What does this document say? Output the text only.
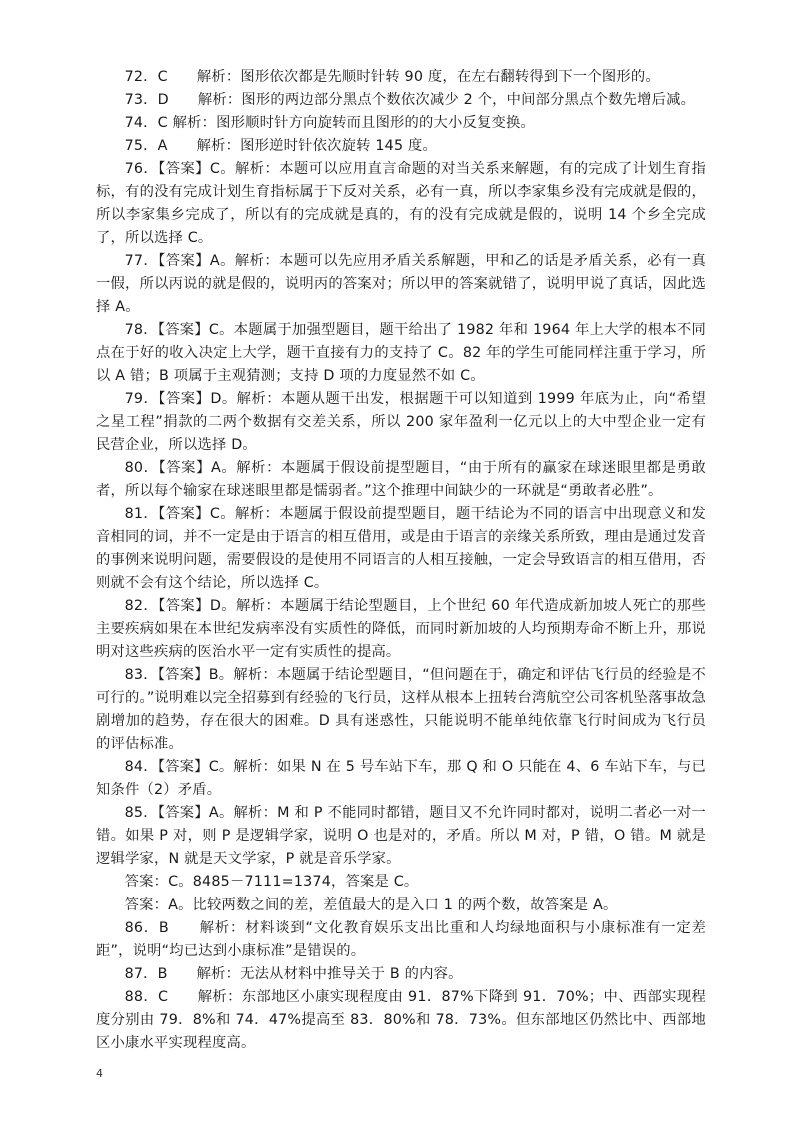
72．C　　解析：图形依次都是先顺时针转 90 度，在左右翻转得到下一个图形的。

73．D　　解析：图形的两边部分黑点个数依次减少 2 个，中间部分黑点个数先增后减。

74．C 解析：图形顺时针方向旋转而且图形的的大小反复变换。

75．A　　解析：图形逆时针依次旋转 145 度。

76．【答案】C。解析：本题可以应用直言命题的对当关系来解题，有的完成了计划生育指标，有的没有完成计划生育指标属于下反对关系，必有一真，所以李家集乡没有完成就是假的，所以李家集乡完成了，所以有的完成就是真的，有的没有完成就是假的，说明 14 个乡全完成了，所以选择 C。

77．【答案】A。解析：本题可以先应用矛盾关系解题，甲和乙的话是矛盾关系，必有一真一假，所以丙说的就是假的，说明丙的答案对；所以甲的答案就错了，说明甲说了真话，因此选择 A。

78．【答案】C。本题属于加强型题目，题干给出了 1982 年和 1964 年上大学的根本不同点在于好的收入决定上大学，题干直接有力的支持了 C。82 年的学生可能同样注重于学习，所以 A 错；B 项属于主观猜测；支持 D 项的力度显然不如 C。

79．【答案】D。解析：本题从题干出发，根据题干可以知道到 1999 年底为止，向“希望之星工程”捐款的二两个数据有交差关系，所以 200 家年盈利一亿元以上的大中型企业一定有民营企业，所以选择 D。

80．【答案】A。解析：本题属于假设前提型题目，“由于所有的赢家在球迷眼里都是勇敢者，所以每个输家在球迷眼里都是懦弱者。”这个推理中间缺少的一环就是“勇敢者必胜”。

81．【答案】C。解析：本题属于假设前提型题目，题干结论为不同的语言中出现意义和发音相同的词，并不一定是由于语言的相互借用，或是由于语言的亲缘关系所致，理由是通过发音的事例来说明问题，需要假设的是使用不同语言的人相互接触，一定会导致语言的相互借用，否则就不会有这个结论，所以选择 C。

82．【答案】D。解析：本题属于结论型题目，上个世纪 60 年代造成新加坡人死亡的那些主要疾病如果在本世纪发病率没有实质性的降低，而同时新加坡的人均预期寿命不断上升，那说明对这些疾病的医治水平一定有实质性的提高。

83．【答案】B。解析：本题属于结论型题目，“但问题在于，确定和评估飞行员的经验是不可行的。”说明难以完全招募到有经验的飞行员，这样从根本上扭转台湾航空公司客机坠落事故急剧增加的趋势，存在很大的困难。D 具有迷惑性，只能说明不能单纯依靠飞行时间成为飞行员的评估标准。

84．【答案】C。解析：如果 N 在 5 号车站下车，那 Q 和 O 只能在 4、6 车站下车，与已知条件（2）矛盾。

85．【答案】A。解析：M 和 P 不能同时都错，题目又不允许同时都对，说明二者必一对一错。如果 P 对，则 P 是逻辑学家，说明 O 也是对的，矛盾。所以 M 对，P 错，O 错。M 就是逻辑学家，N 就是天文学家，P 就是音乐学家。

答案：C。8485－7111=1374，答案是 C。

答案：A。比较两数之间的差，差值最大的是入口 1 的两个数，故答案是 A。

86．B　　解析：材料谈到“文化教育娱乐支出比重和人均绿地面积与小康标准有一定差距”，说明“均已达到小康标准”是错误的。

87．B　　解析：无法从材料中推导关于 B 的内容。

88．C　　解析：东部地区小康实现程度由 91．87%下降到 91．70%；中、西部实现程度分别由 79．8%和 74．47%提高至 83．80%和 78．73%。但东部地区仍然比中、西部地区小康水平实现程度高。

4
